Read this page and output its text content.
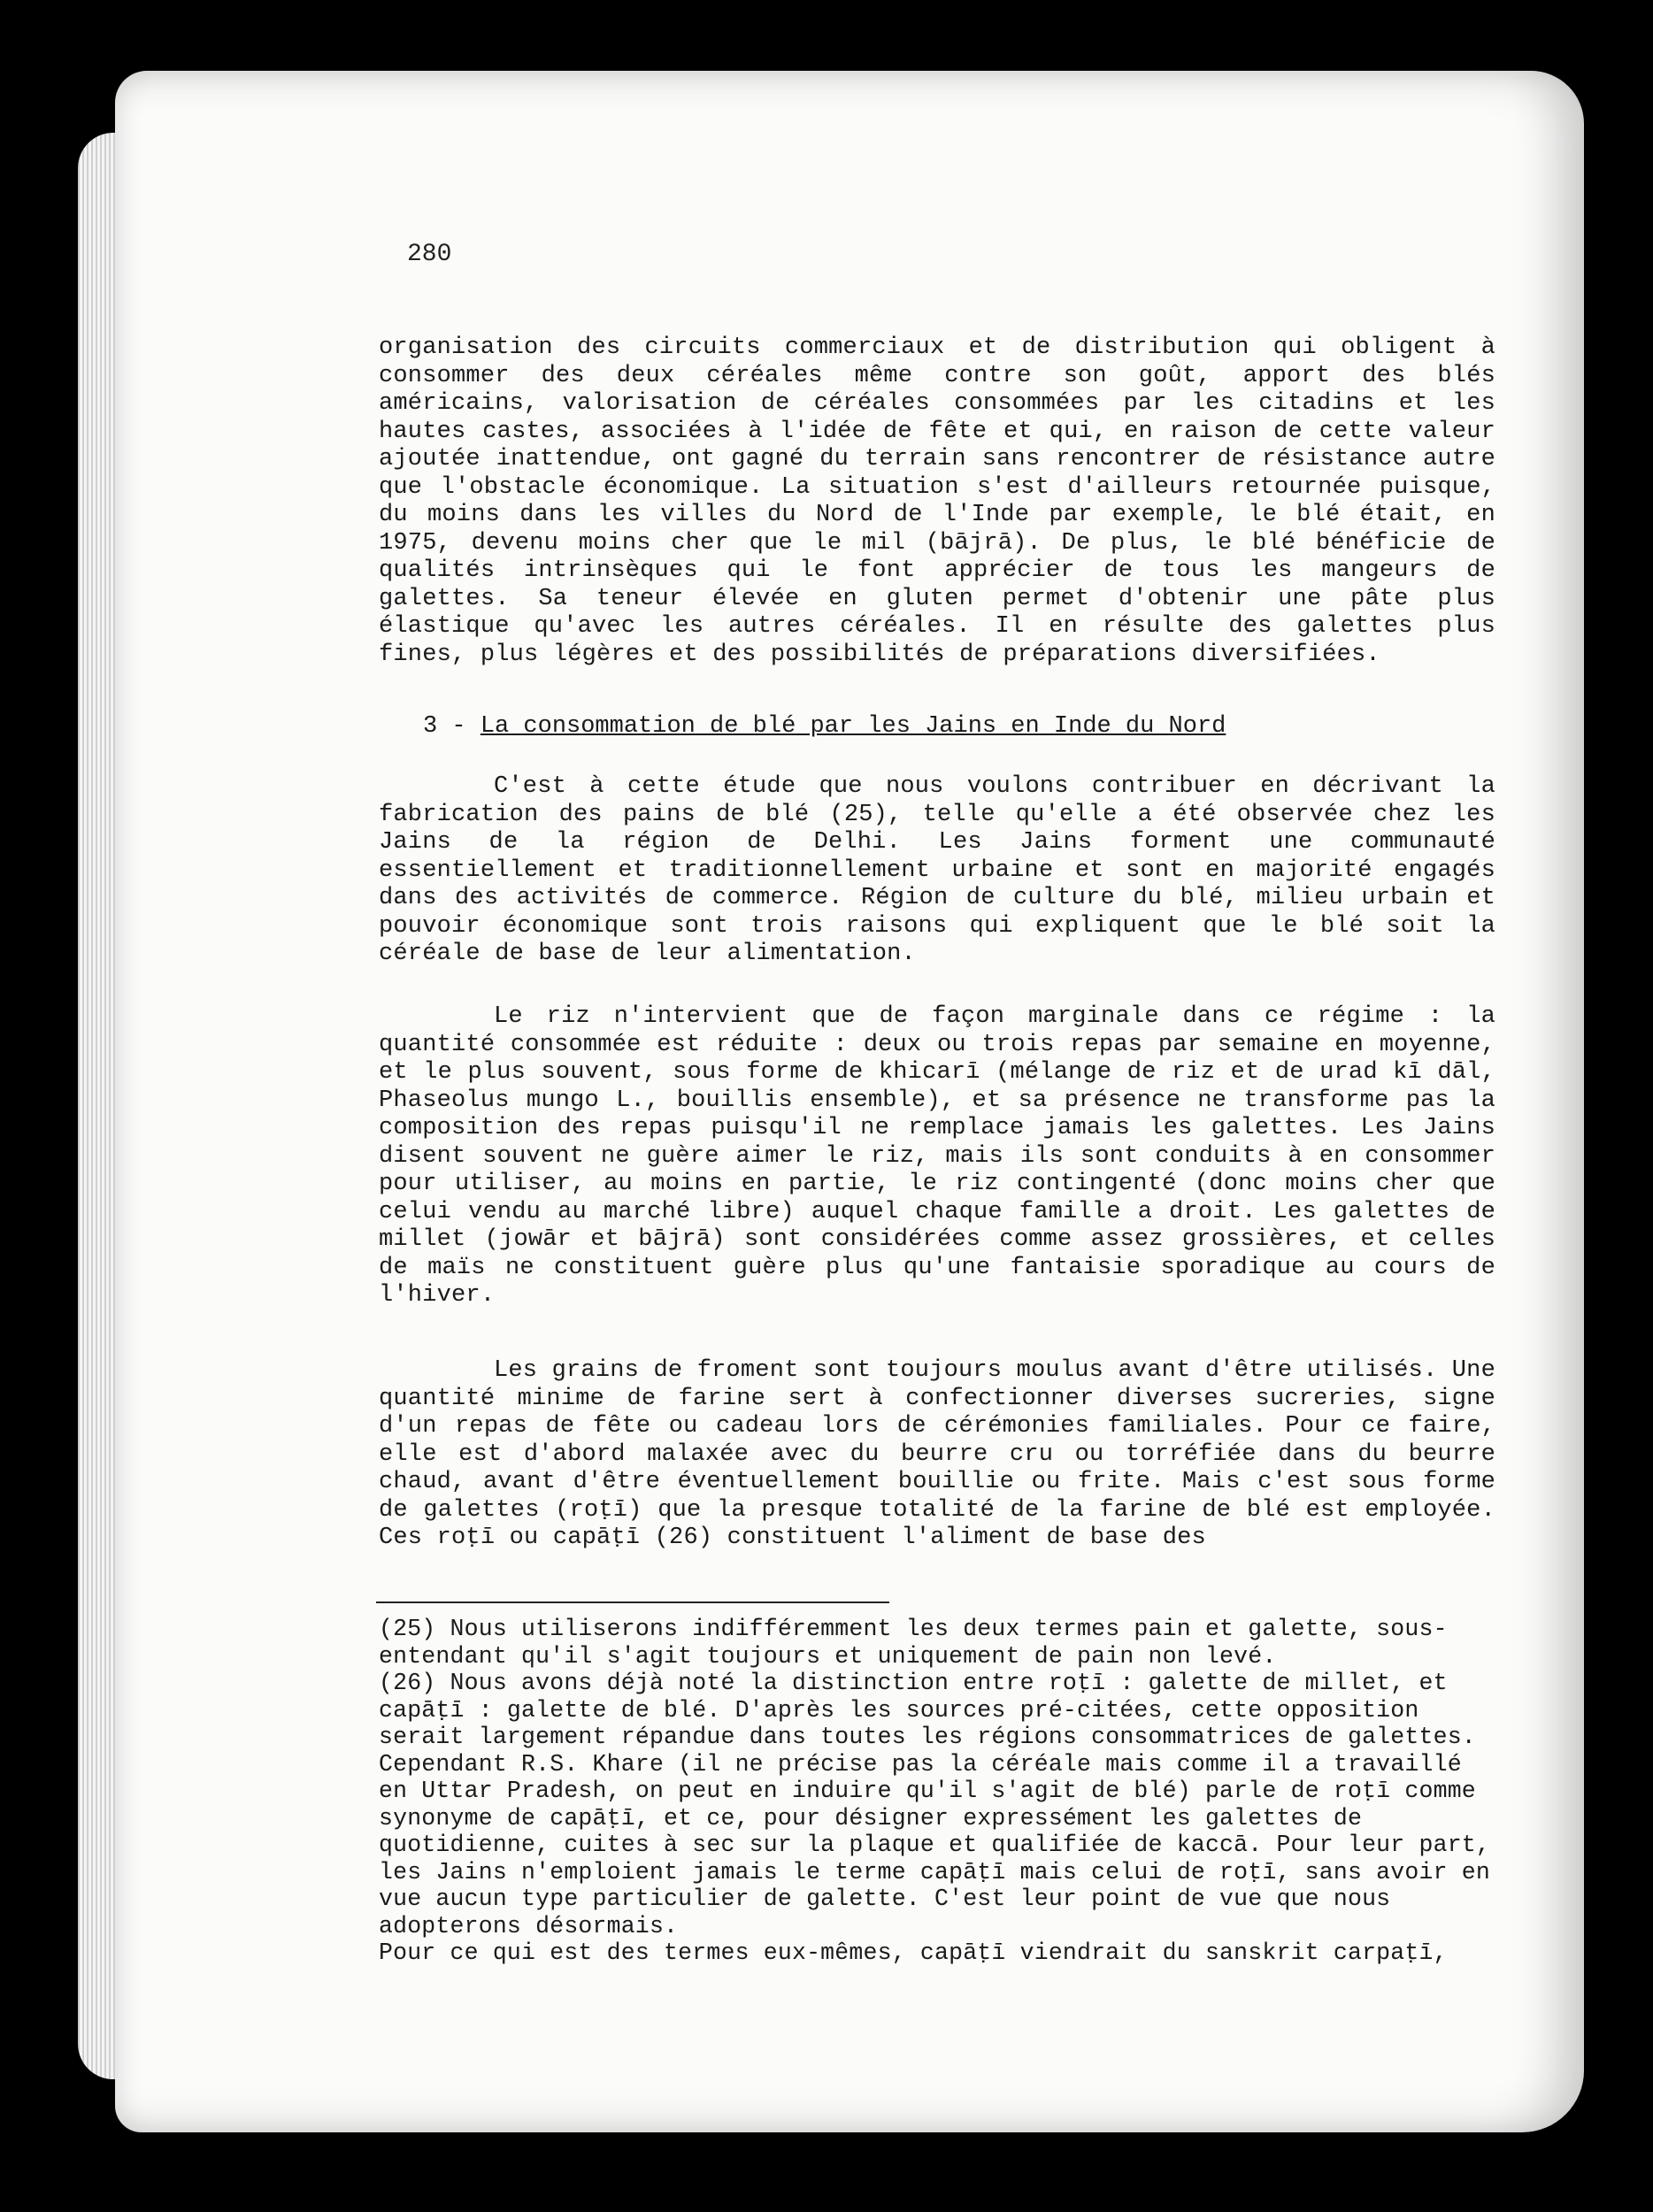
280

organisation des circuits commerciaux et de distribution qui obligent à consommer des deux céréales même contre son goût, apport des blés américains, valorisation de céréales consommées par les citadins et les hautes castes, associées à l'idée de fête et qui, en raison de cette valeur ajoutée inattendue, ont gagné du terrain sans rencontrer de résistance autre que l'obstacle économique. La situation s'est d'ailleurs retournée puisque, du moins dans les villes du Nord de l'Inde par exemple, le blé était, en 1975, devenu moins cher que le mil (bājrā). De plus, le blé bénéficie de qualités intrinsèques qui le font apprécier de tous les mangeurs de galettes. Sa teneur élevée en gluten permet d'obtenir une pâte plus élastique qu'avec les autres céréales. Il en résulte des galettes plus fines, plus légères et des possibilités de préparations diversifiées.

3 - La consommation de blé par les Jains en Inde du Nord

C'est à cette étude que nous voulons contribuer en décrivant la fabrication des pains de blé (25), telle qu'elle a été observée chez les Jains de la région de Delhi. Les Jains forment une communauté essentiellement et traditionnellement urbaine et sont en majorité engagés dans des activités de commerce. Région de culture du blé, milieu urbain et pouvoir économique sont trois raisons qui expliquent que le blé soit la céréale de base de leur alimentation.

Le riz n'intervient que de façon marginale dans ce régime : la quantité consommée est réduite : deux ou trois repas par semaine en moyenne, et le plus souvent, sous forme de khicarī (mélange de riz et de urad kī dāl, Phaseolus mungo L., bouillis ensemble), et sa présence ne transforme pas la composition des repas puisqu'il ne remplace jamais les galettes. Les Jains disent souvent ne guère aimer le riz, mais ils sont conduits à en consommer pour utiliser, au moins en partie, le riz contingenté (donc moins cher que celui vendu au marché libre) auquel chaque famille a droit. Les galettes de millet (jowār et bājrā) sont considérées comme assez grossières, et celles de maïs ne constituent guère plus qu'une fantaisie sporadique au cours de l'hiver.

Les grains de froment sont toujours moulus avant d'être utilisés. Une quantité minime de farine sert à confectionner diverses sucreries, signe d'un repas de fête ou cadeau lors de cérémonies familiales. Pour ce faire, elle est d'abord malaxée avec du beurre cru ou torréfiée dans du beurre chaud, avant d'être éventuellement bouillie ou frite. Mais c'est sous forme de galettes (roṭī) que la presque totalité de la farine de blé est employée. Ces roṭī ou capāṭī (26) constituent l'aliment de base des

(25) Nous utiliserons indifféremment les deux termes pain et galette, sous-entendant qu'il s'agit toujours et uniquement de pain non levé.

(26) Nous avons déjà noté la distinction entre roṭī : galette de millet, et capāṭī : galette de blé. D'après les sources pré-citées, cette opposition serait largement répandue dans toutes les régions consommatrices de galettes. Cependant R.S. Khare (il ne précise pas la céréale mais comme il a travaillé en Uttar Pradesh, on peut en induire qu'il s'agit de blé) parle de roṭī comme synonyme de capāṭī, et ce, pour désigner expressément les galettes de quotidienne, cuites à sec sur la plaque et qualifiée de kaccā. Pour leur part, les Jains n'emploient jamais le terme capāṭī mais celui de roṭī, sans avoir en vue aucun type particulier de galette. C'est leur point de vue que nous adopterons désormais.

Pour ce qui est des termes eux-mêmes, capāṭī viendrait du sanskrit carpaṭī,
